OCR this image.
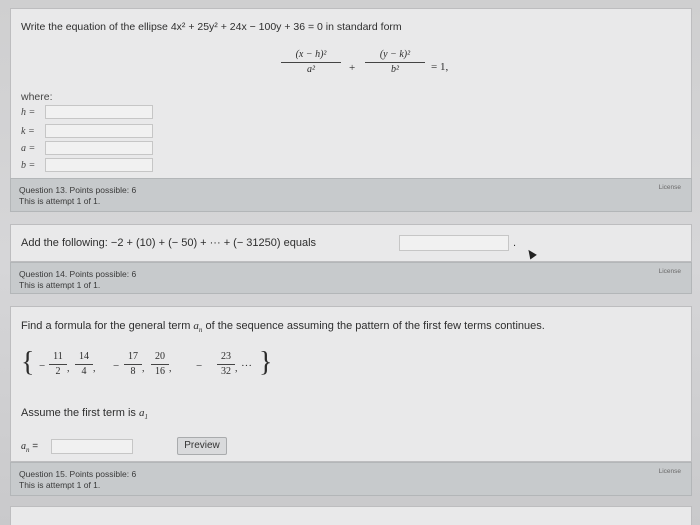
Write the equation of the ellipse 4x² + 25y² + 24x − 100y + 36 = 0 in standard form
(x − h)²
a²	+
(y − k)²
b²	= 1,
where:
h =
k =
a =
b =
Question 13. Points possible: 6
This is attempt 1 of 1.
License
Add the following: −2 + (10) + (− 50) + ··· + (− 31250) equals	.
Question 14. Points possible: 6
This is attempt 1 of 1.
License
Find a formula for the general term $a_n$ of the sequence assuming the pattern of the first few terms continues.
{ −
11
2 ,
14
4 , −
17
8 ,
20
16 , −
23
32 , ··· }
Assume the first term is $a_1$
$a_n$ =	Preview
Question 15. Points possible: 6
This is attempt 1 of 1.
License
